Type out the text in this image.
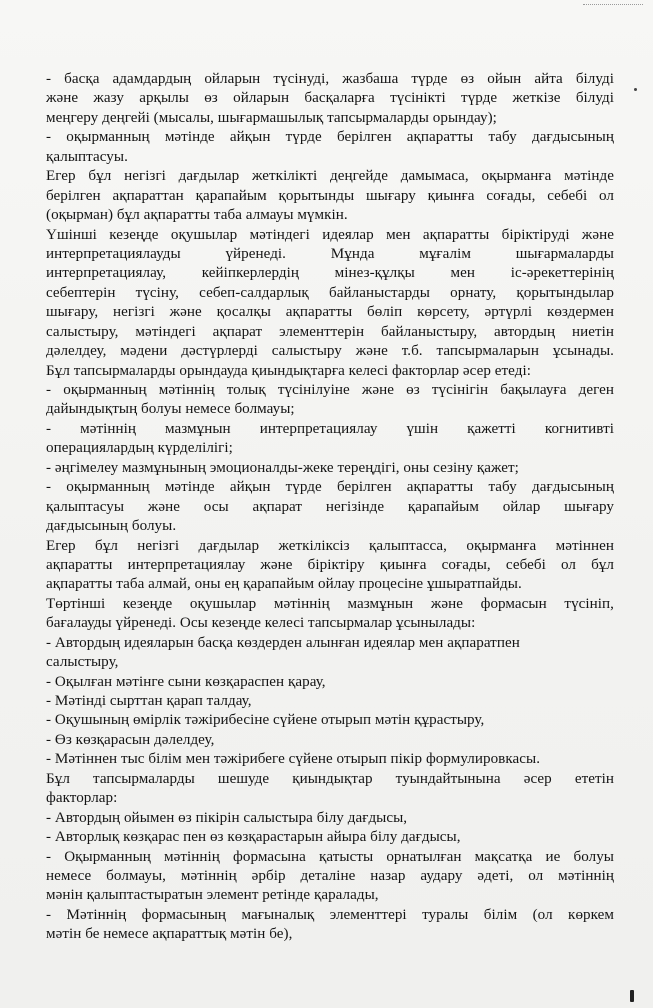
- басқа адамдардың ойларын түсінуді, жазбаша түрде өз ойын айта білуді
және жазу арқылы өз ойларын басқаларға түсінікті түрде жеткізе білуді
меңгеру деңгейі (мысалы, шығармашылық тапсырмаларды орындау);
- оқырманның мәтінде айқын түрде берілген ақпаратты табу дағдысының
қалыптасуы.
Егер бұл негізгі дағдылар жеткілікті деңгейде дамымаса, оқырманға мәтінде
берілген ақпараттан қарапайым қорытынды шығару қиынға соғады, себебі ол
(оқырман) бұл ақпаратты таба алмауы мүмкін.
Үшінші кезеңде оқушылар мәтіндегі идеялар мен ақпаратты біріктіруді және
интерпретациялауды үйренеді. Мұнда мұғалім шығармаларды
интерпретациялау, кейіпкерлердің мінез-құлқы мен іс-әрекеттерінің
себептерін түсіну, себеп-салдарлық байланыстарды орнату, қорытындылар
шығару, негізгі және қосалқы ақпаратты бөліп көрсету, әртүрлі көздермен
салыстыру, мәтіндегі ақпарат элементтерін байланыстыру, автордың ниетін
дәлелдеу, мәдени дәстүрлерді салыстыру және т.б. тапсырмаларын ұсынады.
Бұл тапсырмаларды орындауда қиындықтарға келесі факторлар әсер етеді:
- оқырманның мәтіннің толық түсінілуіне және өз түсінігін бақылауға деген
дайындықтың болуы немесе болмауы;
- мәтіннің мазмұнын интерпретациялау үшін қажетті когнитивті
операциялардың күрделілігі;
- әңгімелеу мазмұнының эмоционалды-жеке тереңдігі, оны сезіну қажет;
- оқырманның мәтінде айқын түрде берілген ақпаратты табу дағдысының
қалыптасуы және осы ақпарат негізінде қарапайым ойлар шығару
дағдысының болуы.
Егер бұл негізгі дағдылар жеткіліксіз қалыптасса, оқырманға мәтіннен
ақпаратты интерпретациялау және біріктіру қиынға соғады, себебі ол бұл
ақпаратты таба алмай, оны ең қарапайым ойлау процесіне ұшыратпайды.
Төртінші кезеңде оқушылар мәтіннің мазмұнын және формасын түсініп,
бағалауды үйренеді. Осы кезеңде келесі тапсырмалар ұсынылады:
- Автордың идеяларын басқа көздерден алынған идеялар мен ақпаратпен
салыстыру,
- Оқылған мәтінге сыни көзқараспен қарау,
- Мәтінді сырттан қарап талдау,
- Оқушының өмірлік тәжірибесіне сүйене отырып мәтін құрастыру,
- Өз көзқарасын дәлелдеу,
- Мәтіннен тыс білім мен тәжірибеге сүйене отырып пікір формулировкасы.
Бұл тапсырмаларды шешуде қиындықтар туындайтынына әсер ететін
факторлар:
- Автордың ойымен өз пікірін салыстыра білу дағдысы,
- Авторлық көзқарас пен өз көзқарастарын айыра білу дағдысы,
- Оқырманның мәтіннің формасына қатысты орнатылған мақсатқа ие болуы
немесе болмауы, мәтіннің әрбір деталіне назар аудару әдеті, ол мәтіннің
мәнін қалыптастыратын элемент ретінде қаралады,
- Мәтіннің формасының мағыналық элементтері туралы білім (ол көркем
мәтін бе немесе ақпараттық мәтін бе),
